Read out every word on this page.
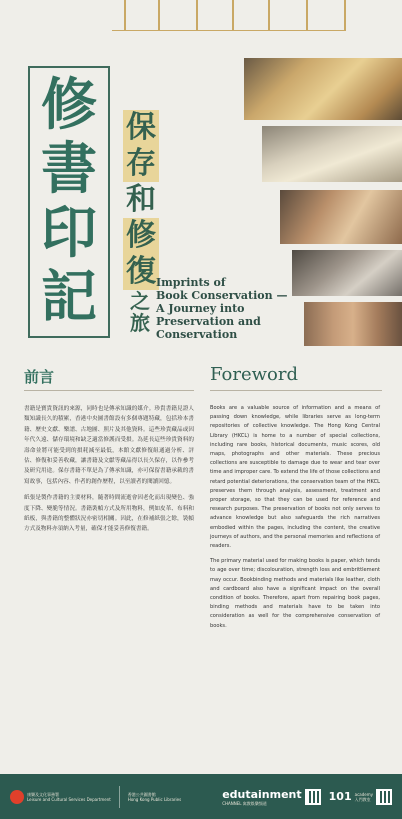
修
書
印
記
保
存
和
修
復
之
旅
Imprints of
Book Conservation —
A Journey into
Preservation and
Conservation
前言	Foreword

書籍是寶貴資訊的來源，同時也是傳承知識的媒介。珍貴書籍見證人類知識長久的積累，香港中央圖書館設有多個專題特藏，包括珍本書籍、歷史文獻、樂譜、古地圖、照片及其他資料。這些珍貴藏品或因年代久遠、儲存環境和缺乏適當修護而受損。為延長這些珍貴資料的壽命並將可能受到的損耗減至最低，本館文獻修復組通過分析、評估、修復和妥善收藏，讓書籍及文獻等藏品得以長久保存，以作參考及研究用途。保存書籍不單是為了傳承知識，亦可保留書籍承載的書寫故事，包括內容、作者的創作歷程，以至讀者的閱讀回憶。

紙張是製作書籍的主要材料，隨著時間流逝會因老化而出現變色、強度下降、變脆等情況。書籍裝幀方式及所用物料，例如皮革、布料和紙板，與書籍的整體狀況亦密切相關。因此，在修補紙張之餘，裝幀方式及物料亦須納入考量，確保才能妥善修復書籍。

Books are a valuable source of information and a means of passing down knowledge, while libraries serve as long-term repositories of collective knowledge. The Hong Kong Central Library (HKCL) is home to a number of special collections, including rare books, historical documents, music scores, old maps, photographs and other materials. These precious collections are susceptible to damage due to wear and tear over time and improper care. To extend the life of those collections and retard potential deteriorations, the conservation team of the HKCL preserves them through analysis, assessment, treatment and proper storage, so that they can be used for reference and research purposes. The preservation of books not only serves to advance knowledge but also safeguards the rich narratives embodied within the pages, including the content, the creative journeys of authors, and the personal memories and reflections of readers.

The primary material used for making books is paper, which tends to age over time; discolouration, strength loss and embrittlement may occur. Bookbinding methods and materials like leather, cloth and cardboard also have a significant impact on the overall condition of books. Therefore, apart from repairing book pages, binding methods and materials have to be taken into consideration as well for the comprehensive conservation of books.

康樂及文化事務署
Leisure and Cultural Services Department
香港公共圖書館
Hong Kong Public Libraries	edutainment
CHANNEL 寓教娛樂頻道	101 academy
入門教室
